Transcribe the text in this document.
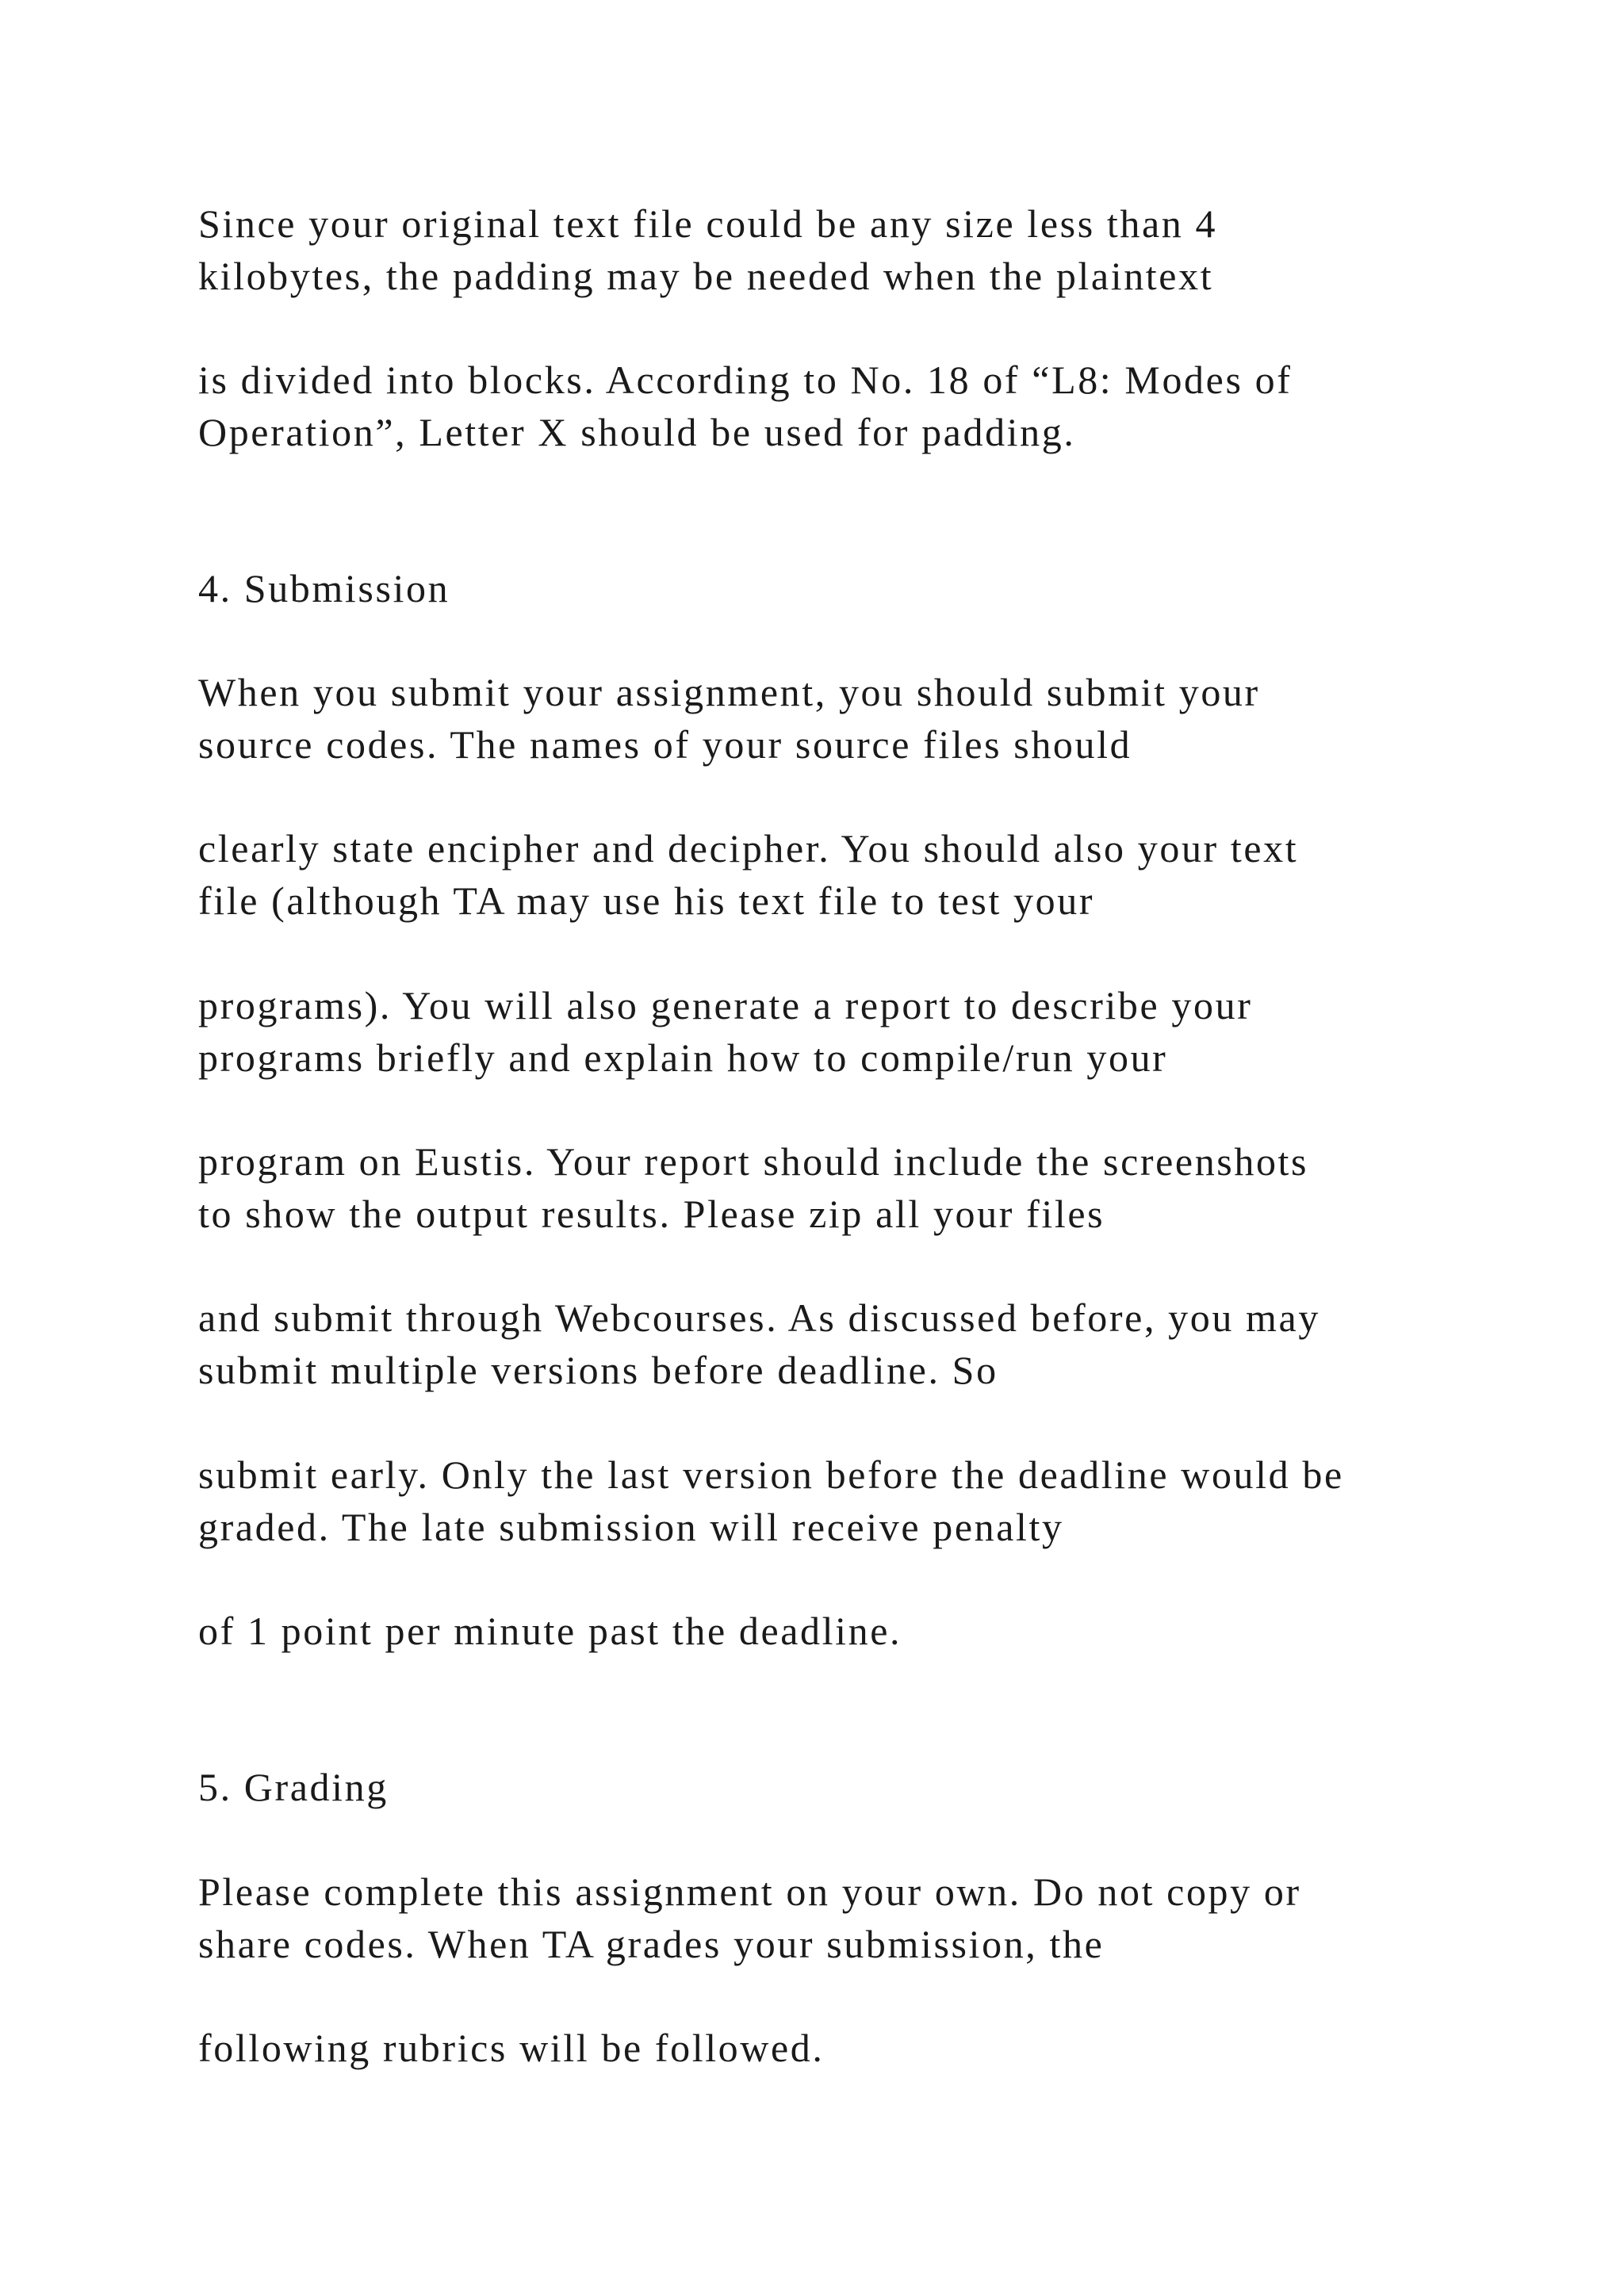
Since your original text file could be any size less than 4
kilobytes, the padding may be needed when the plaintext
is divided into blocks. According to No. 18 of “L8: Modes of
Operation”, Letter X should be used for padding.
4. Submission
When you submit your assignment, you should submit your
source codes. The names of your source files should
clearly state encipher and decipher. You should also your text
file (although TA may use his text file to test your
programs). You will also generate a report to describe your
programs briefly and explain how to compile/run your
program on Eustis. Your report should include the screenshots
to show the output results. Please zip all your files
and submit through Webcourses. As discussed before, you may
submit multiple versions before deadline. So
submit early. Only the last version before the deadline would be
graded. The late submission will receive penalty
of 1 point per minute past the deadline.
5. Grading
Please complete this assignment on your own. Do not copy or
share codes. When TA grades your submission, the
following rubrics will be followed.
